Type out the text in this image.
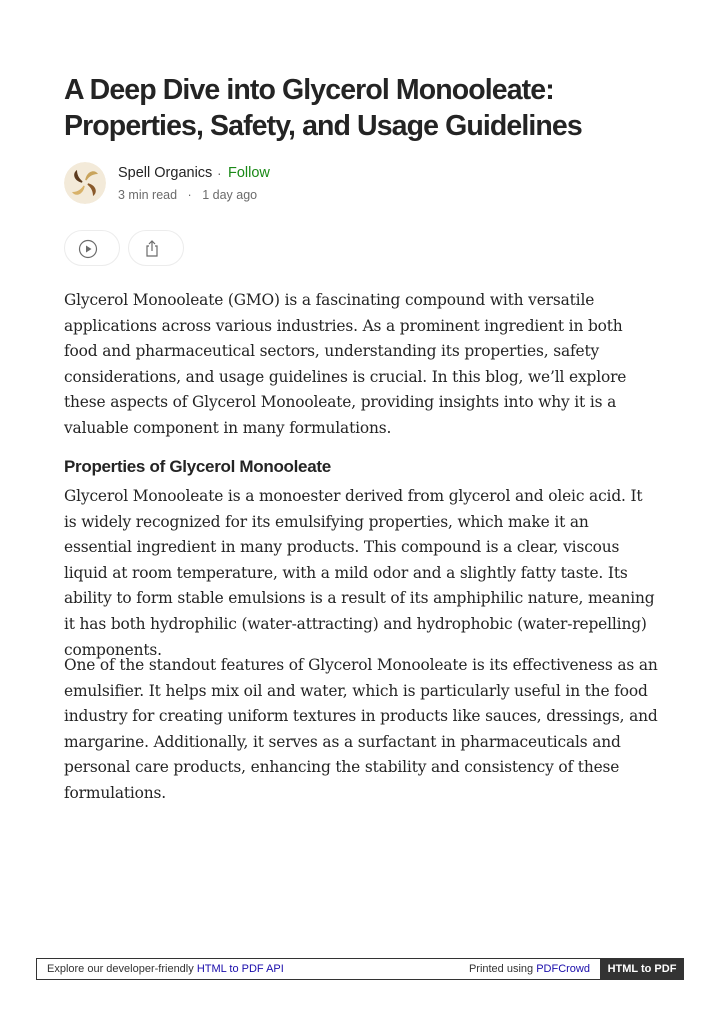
A Deep Dive into Glycerol Monooleate: Properties, Safety, and Usage Guidelines
Spell Organics · Follow
3 min read · 1 day ago

Glycerol Monooleate (GMO) is a fascinating compound with versatile applications across various industries. As a prominent ingredient in both food and pharmaceutical sectors, understanding its properties, safety considerations, and usage guidelines is crucial. In this blog, we’ll explore these aspects of Glycerol Monooleate, providing insights into why it is a valuable component in many formulations.

Properties of Glycerol Monooleate

Glycerol Monooleate is a monoester derived from glycerol and oleic acid. It is widely recognized for its emulsifying properties, which make it an essential ingredient in many products. This compound is a clear, viscous liquid at room temperature, with a mild odor and a slightly fatty taste. Its ability to form stable emulsions is a result of its amphiphilic nature, meaning it has both hydrophilic (water-attracting) and hydrophobic (water-repelling) components.

One of the standout features of Glycerol Monooleate is its effectiveness as an emulsifier. It helps mix oil and water, which is particularly useful in the food industry for creating uniform textures in products like sauces, dressings, and margarine. Additionally, it serves as a surfactant in pharmaceuticals and personal care products, enhancing the stability and consistency of these formulations.

Explore our developer-friendly HTML to PDF API	Printed using PDFCrowd	HTML to PDF
